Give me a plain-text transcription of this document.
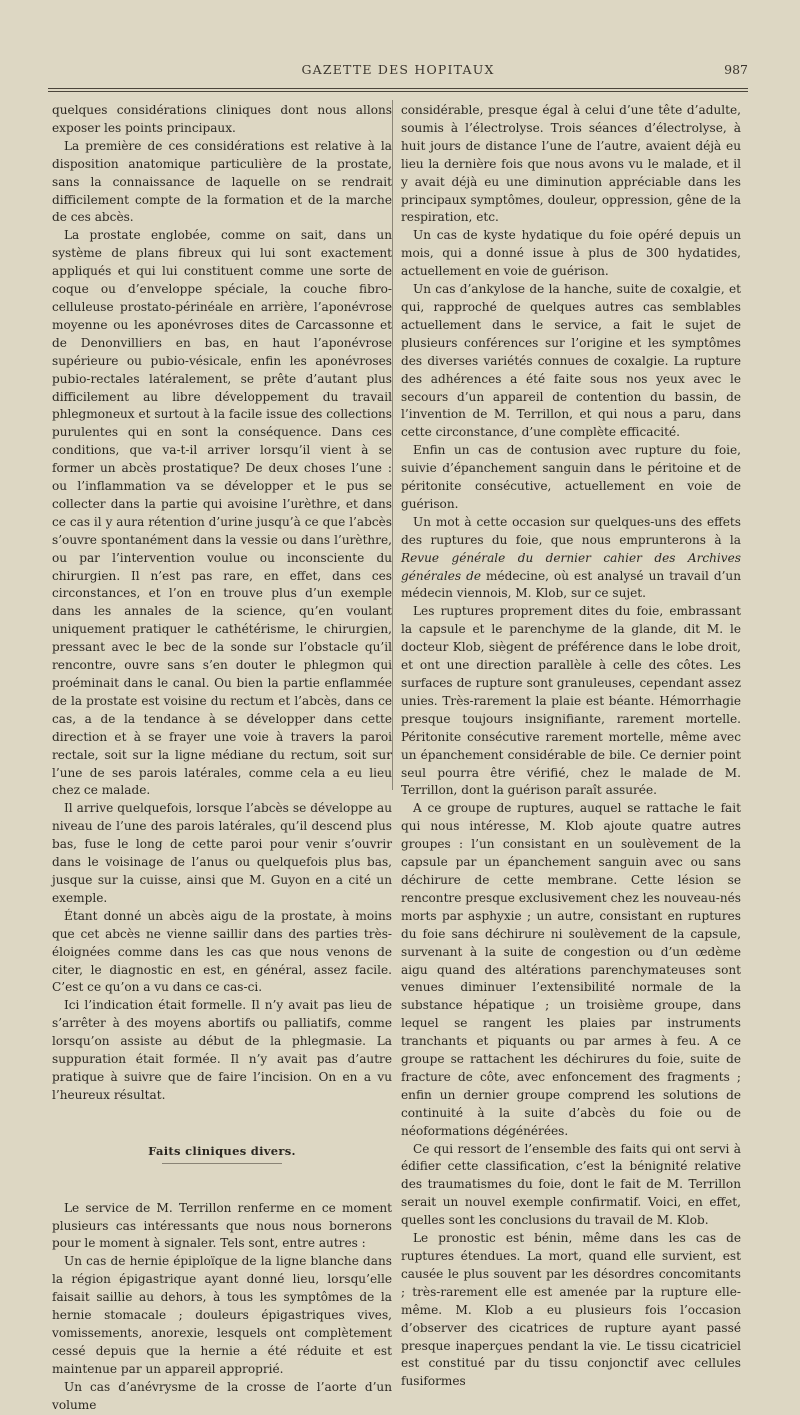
GAZETTE DES HOPITAUX	987

quelques considérations cliniques dont nous allons exposer les points principaux.

La première de ces considérations est relative à la disposition anatomique particulière de la prostate, sans la connaissance de laquelle on se rendrait difficilement compte de la formation et de la marche de ces abcès.

La prostate englobée, comme on sait, dans un système de plans fibreux qui lui sont exactement appliqués et qui lui constituent comme une sorte de coque ou d’enveloppe spéciale, la couche fibro-celluleuse prostato-périnéale en arrière, l’aponévrose moyenne ou les aponévroses dites de Carcassonne et de Denonvilliers en bas, en haut l’aponévrose supérieure ou pubio-vésicale, enfin les aponévroses pubio-rectales latéralement, se prête d’autant plus difficilement au libre développement du travail phlegmoneux et surtout à la facile issue des collections purulentes qui en sont la conséquence. Dans ces conditions, que va-t-il arriver lorsqu’il vient à se former un abcès prostatique? De deux choses l’une : ou l’inflammation va se développer et le pus se collecter dans la partie qui avoisine l’urèthre, et dans ce cas il y aura rétention d’urine jusqu’à ce que l’abcès s’ouvre spontanément dans la vessie ou dans l’urèthre, ou par l’intervention voulue ou inconsciente du chirurgien. Il n’est pas rare, en effet, dans ces circonstances, et l’on en trouve plus d’un exemple dans les annales de la science, qu’en voulant uniquement pratiquer le cathétérisme, le chirurgien, pressant avec le bec de la sonde sur l’obstacle qu’il rencontre, ouvre sans s’en douter le phlegmon qui proéminait dans le canal. Ou bien la partie enflammée de la prostate est voisine du rectum et l’abcès, dans ce cas, a de la tendance à se développer dans cette direction et à se frayer une voie à travers la paroi rectale, soit sur la ligne médiane du rectum, soit sur l’une de ses parois latérales, comme cela a eu lieu chez ce malade.

Il arrive quelquefois, lorsque l’abcès se développe au niveau de l’une des parois latérales, qu’il descend plus bas, fuse le long de cette paroi pour venir s’ouvrir dans le voisinage de l’anus ou quelquefois plus bas, jusque sur la cuisse, ainsi que M. Guyon en a cité un exemple.

Étant donné un abcès aigu de la prostate, à moins que cet abcès ne vienne saillir dans des parties très-éloignées comme dans les cas que nous venons de citer, le diagnostic en est, en général, assez facile. C’est ce qu’on a vu dans ce cas-ci.

Ici l’indication était formelle. Il n’y avait pas lieu de s’arrêter à des moyens abortifs ou palliatifs, comme lorsqu’on assiste au début de la phlegmasie. La suppuration était formée. Il n’y avait pas d’autre pratique à suivre que de faire l’incision. On en a vu l’heureux résultat.

Faits cliniques divers.

Le service de M. Terrillon renferme en ce moment plusieurs cas intéressants que nous nous bornerons pour le moment à signaler. Tels sont, entre autres :

Un cas de hernie épiploïque de la ligne blanche dans la région épigastrique ayant donné lieu, lorsqu’elle faisait saillie au dehors, à tous les symptômes de la hernie stomacale ; douleurs épigastriques vives, vomissements, anorexie, lesquels ont complètement cessé depuis que la hernie a été réduite et est maintenue par un appareil approprié.

Un cas d’anévrysme de la crosse de l’aorte d’un volume

considérable, presque égal à celui d’une tête d’adulte, soumis à l’électrolyse. Trois séances d’électrolyse, à huit jours de distance l’une de l’autre, avaient déjà eu lieu la dernière fois que nous avons vu le malade, et il y avait déjà eu une diminution appréciable dans les principaux symptômes, douleur, oppression, gêne de la respiration, etc.

Un cas de kyste hydatique du foie opéré depuis un mois, qui a donné issue à plus de 300 hydatides, actuellement en voie de guérison.

Un cas d’ankylose de la hanche, suite de coxalgie, et qui, rapproché de quelques autres cas semblables actuellement dans le service, a fait le sujet de plusieurs conférences sur l’origine et les symptômes des diverses variétés connues de coxalgie. La rupture des adhérences a été faite sous nos yeux avec le secours d’un appareil de contention du bassin, de l’invention de M. Terrillon, et qui nous a paru, dans cette circonstance, d’une complète efficacité.

Enfin un cas de contusion avec rupture du foie, suivie d’épanchement sanguin dans le péritoine et de péritonite consécutive, actuellement en voie de guérison.

Un mot à cette occasion sur quelques-uns des effets des ruptures du foie, que nous emprunterons à la Revue générale du dernier cahier des Archives générales de médecine, où est analysé un travail d’un médecin viennois, M. Klob, sur ce sujet.

Les ruptures proprement dites du foie, embrassant la capsule et le parenchyme de la glande, dit M. le docteur Klob, siègent de préférence dans le lobe droit, et ont une direction parallèle à celle des côtes. Les surfaces de rupture sont granuleuses, cependant assez unies. Très-rarement la plaie est béante. Hémorrhagie presque toujours insignifiante, rarement mortelle. Péritonite consécutive rarement mortelle, même avec un épanchement considérable de bile. Ce dernier point seul pourra être vérifié, chez le malade de M. Terrillon, dont la guérison paraît assurée.

A ce groupe de ruptures, auquel se rattache le fait qui nous intéresse, M. Klob ajoute quatre autres groupes : l’un consistant en un soulèvement de la capsule par un épanchement sanguin avec ou sans déchirure de cette membrane. Cette lésion se rencontre presque exclusivement chez les nouveau-nés morts par asphyxie ; un autre, consistant en ruptures du foie sans déchirure ni soulèvement de la capsule, survenant à la suite de congestion ou d’un œdème aigu quand des altérations parenchymateuses sont venues diminuer l’extensibilité normale de la substance hépatique ; un troisième groupe, dans lequel se rangent les plaies par instruments tranchants et piquants ou par armes à feu. A ce groupe se rattachent les déchirures du foie, suite de fracture de côte, avec enfoncement des fragments ; enfin un dernier groupe comprend les solutions de continuité à la suite d’abcès du foie ou de néoformations dégénérées.

Ce qui ressort de l’ensemble des faits qui ont servi à édifier cette classification, c’est la bénignité relative des traumatismes du foie, dont le fait de M. Terrillon serait un nouvel exemple confirmatif. Voici, en effet, quelles sont les conclusions du travail de M. Klob.

Le pronostic est bénin, même dans les cas de ruptures étendues. La mort, quand elle survient, est causée le plus souvent par les désordres concomitants ; très-rarement elle est amenée par la rupture elle-même. M. Klob a eu plusieurs fois l’occasion d’observer des cicatrices de rupture ayant passé presque inaperçues pendant la vie. Le tissu cicatriciel est constitué par du tissu conjonctif avec cellules fusiformes
